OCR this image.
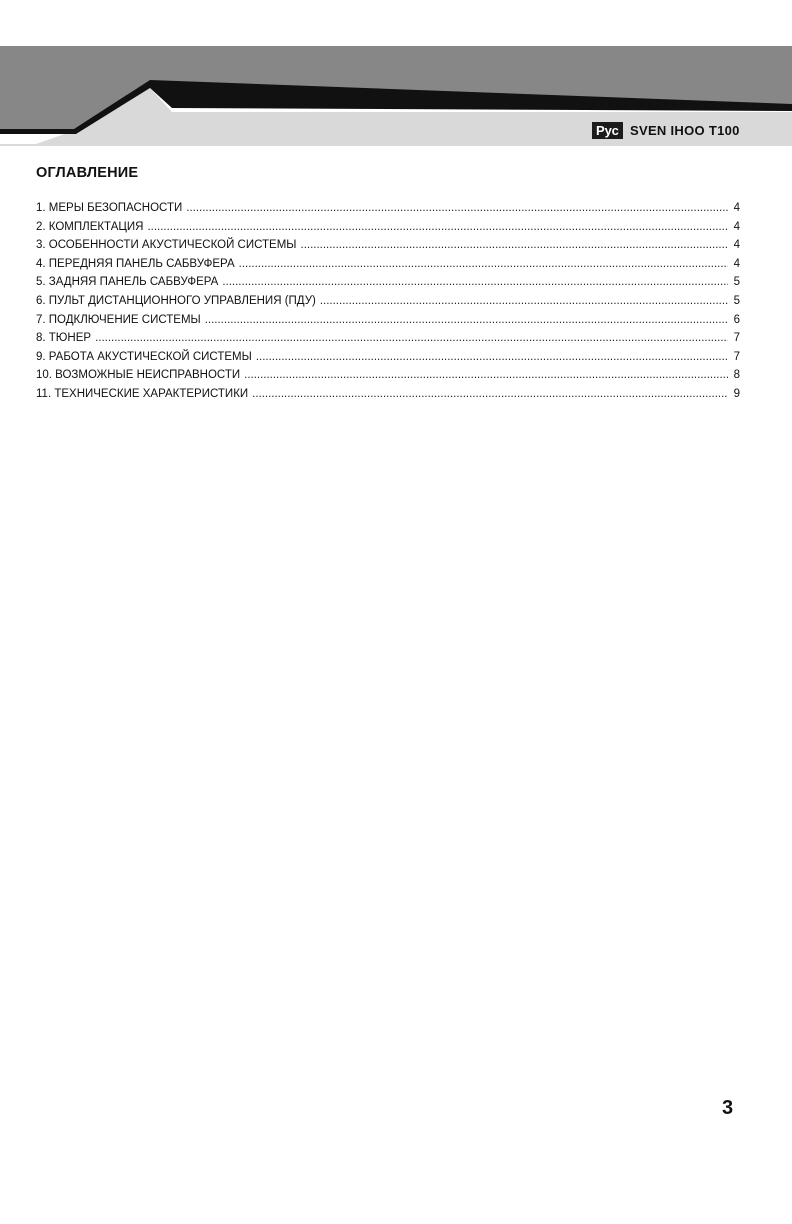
Рус SVEN IHOO T100
ОГЛАВЛЕНИЕ
1. МЕРЫ БЕЗОПАСНОСТИ . . .	4
2. КОМПЛЕКТАЦИЯ . . .	4
3. ОСОБЕННОСТИ АКУСТИЧЕСКОЙ СИСТЕМЫ . . .	4
4. ПЕРЕДНЯЯ ПАНЕЛЬ САБВУФЕРА . . .	4
5. ЗАДНЯЯ ПАНЕЛЬ САБВУФЕРА . . .	5
6. ПУЛЬТ ДИСТАНЦИОННОГО УПРАВЛЕНИЯ (ПДУ) . . .	5
7. ПОДКЛЮЧЕНИЕ СИСТЕМЫ . . .	6
8. ТЮНЕР . . .	7
9. РАБОТА АКУСТИЧЕСКОЙ СИСТЕМЫ . . .	7
10. ВОЗМОЖНЫЕ НЕИСПРАВНОСТИ . . .	8
11. ТЕХНИЧЕСКИЕ ХАРАКТЕРИСТИКИ . . .	9
3
